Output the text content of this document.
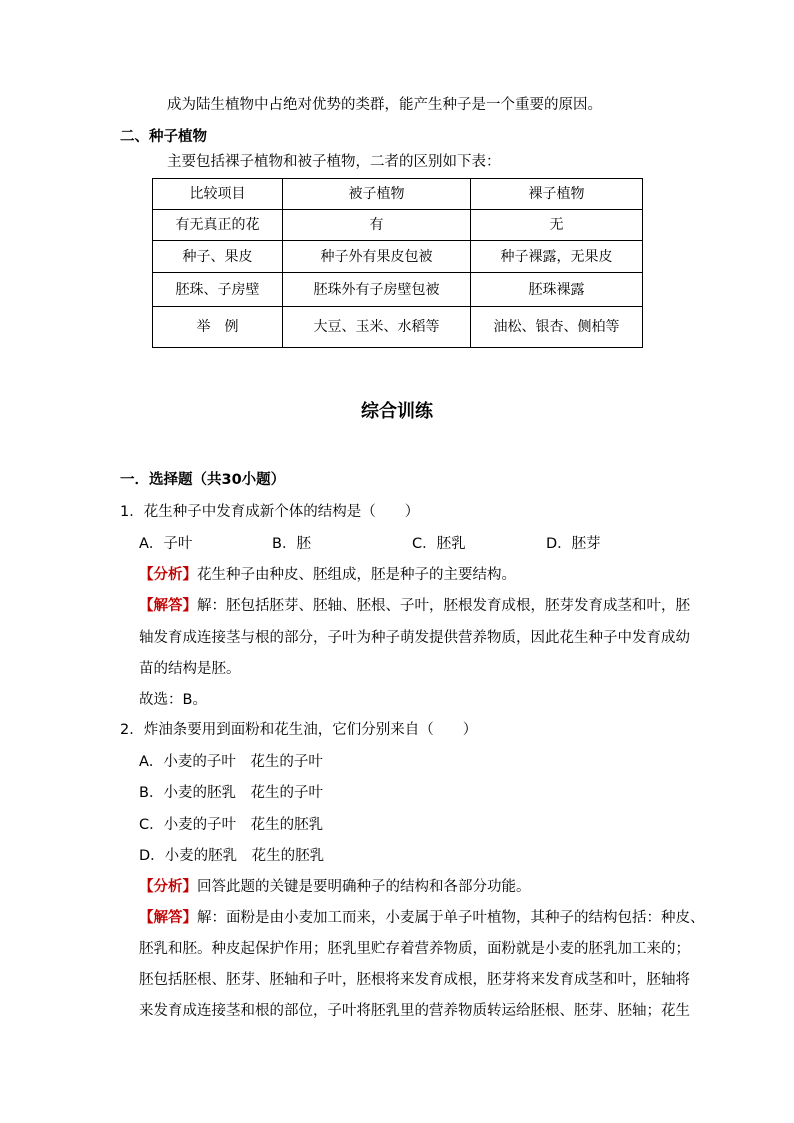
成为陆生植物中占绝对优势的类群，能产生种子是一个重要的原因。
二、种子植物
主要包括裸子植物和被子植物，二者的区别如下表：
比较项目	被子植物	裸子植物
有无真正的花	有	无
种子、果皮	种子外有果皮包被	种子裸露，无果皮
胚珠、子房壁	胚珠外有子房壁包被	胚珠裸露
举　例	大豆、玉米、水稻等	油松、银杏、侧柏等
综合训练
一．选择题（共30小题）
1．花生种子中发育成新个体的结构是（　　）
A．子叶	B．胚	C．胚乳	D．胚芽
【分析】花生种子由种皮、胚组成，胚是种子的主要结构。
【解答】解：胚包括胚芽、胚轴、胚根、子叶，胚根发育成根，胚芽发育成茎和叶，胚
轴发育成连接茎与根的部分，子叶为种子萌发提供营养物质，因此花生种子中发育成幼
苗的结构是胚。
故选：B。
2．炸油条要用到面粉和花生油，它们分别来自（　　）
A．小麦的子叶　花生的子叶
B．小麦的胚乳　花生的子叶
C．小麦的子叶　花生的胚乳
D．小麦的胚乳　花生的胚乳
【分析】回答此题的关键是要明确种子的结构和各部分功能。
【解答】解：面粉是由小麦加工而来，小麦属于单子叶植物，其种子的结构包括：种皮、
胚乳和胚。种皮起保护作用；胚乳里贮存着营养物质，面粉就是小麦的胚乳加工来的；
胚包括胚根、胚芽、胚轴和子叶，胚根将来发育成根，胚芽将来发育成茎和叶，胚轴将
来发育成连接茎和根的部位，子叶将胚乳里的营养物质转运给胚根、胚芽、胚轴；花生
